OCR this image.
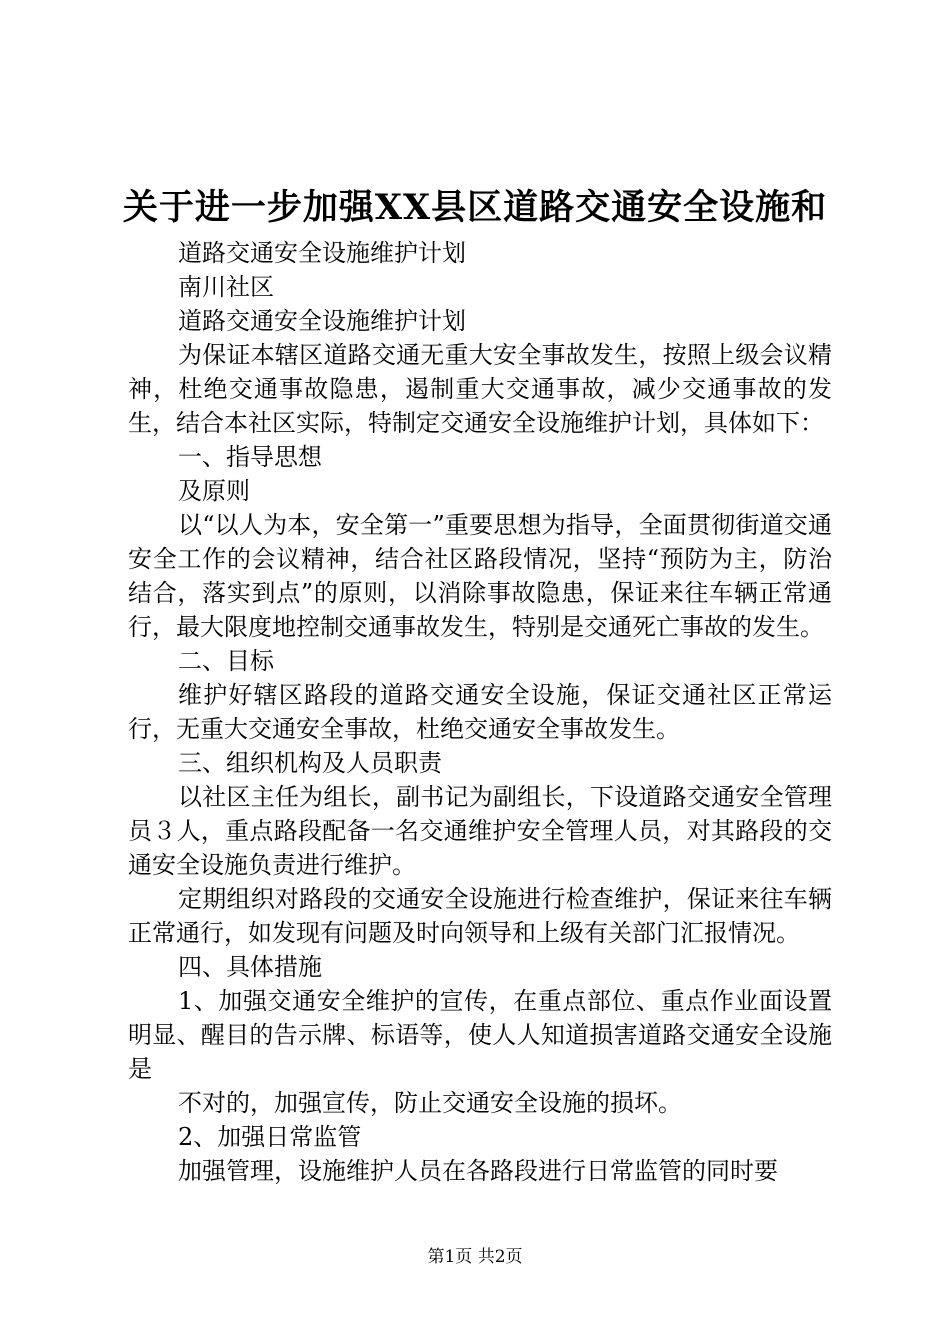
关于进一步加强XX县区道路交通安全设施和

道路交通安全设施维护计划

南川社区

道路交通安全设施维护计划

为保证本辖区道路交通无重大安全事故发生，按照上级会议精神，杜绝交通事故隐患，遏制重大交通事故，减少交通事故的发生，结合本社区实际，特制定交通安全设施维护计划，具体如下：

一、指导思想

及原则

以“以人为本，安全第一”重要思想为指导，全面贯彻街道交通安全工作的会议精神，结合社区路段情况，坚持“预防为主，防治结合，落实到点”的原则，以消除事故隐患，保证来往车辆正常通行，最大限度地控制交通事故发生，特别是交通死亡事故的发生。

二、目标

维护好辖区路段的道路交通安全设施，保证交通社区正常运行，无重大交通安全事故，杜绝交通安全事故发生。

三、组织机构及人员职责

以社区主任为组长，副书记为副组长，下设道路交通安全管理员３人，重点路段配备一名交通维护安全管理人员，对其路段的交通安全设施负责进行维护。

定期组织对路段的交通安全设施进行检查维护，保证来往车辆正常通行，如发现有问题及时向领导和上级有关部门汇报情况。

四、具体措施

1、加强交通安全维护的宣传，在重点部位、重点作业面设置明显、醒目的告示牌、标语等，使人人知道损害道路交通安全设施是

不对的，加强宣传，防止交通安全设施的损坏。

2、加强日常监管

加强管理，设施维护人员在各路段进行日常监管的同时要

第1页 共2页
